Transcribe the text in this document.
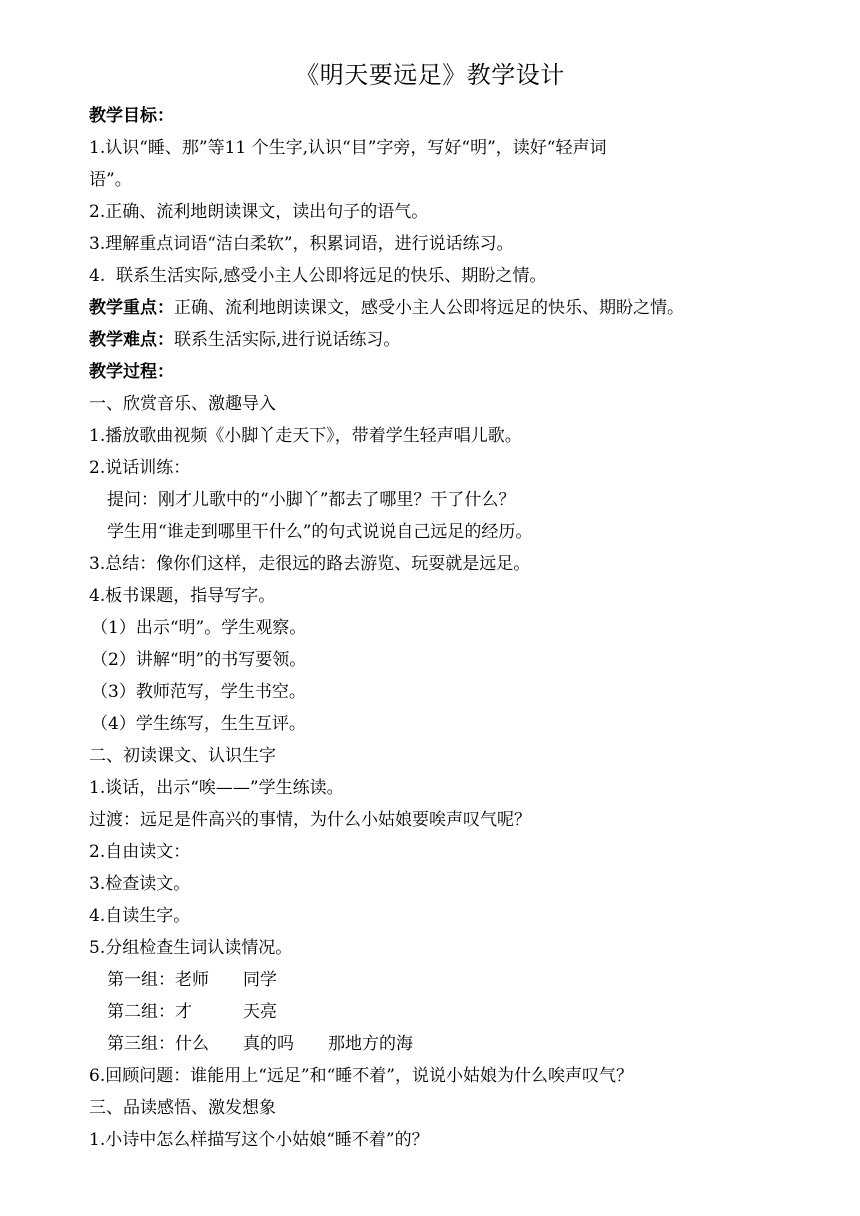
《明天要远足》教学设计
教学目标：
1.认识“睡、那”等11 个生字,认识“目”字旁，写好“明”，读好“轻声词
语”。
2.正确、流利地朗读课文，读出句子的语气。
3.理解重点词语“洁白柔软”，积累词语，进行说话练习。
4.  联系生活实际,感受小主人公即将远足的快乐、期盼之情。
教学重点：正确、流利地朗读课文，感受小主人公即将远足的快乐、期盼之情。
教学难点：联系生活实际,进行说话练习。
教学过程：
一、欣赏音乐、激趣导入
1.播放歌曲视频《小脚丫走天下》，带着学生轻声唱儿歌。
2.说话训练：
提问：刚才儿歌中的“小脚丫”都去了哪里？干了什么？
学生用“谁走到哪里干什么”的句式说说自己远足的经历。
3.总结：像你们这样，走很远的路去游览、玩耍就是远足。
4.板书课题，指导写字。
（1）出示“明”。学生观察。
（2）讲解“明”的书写要领。
（3）教师范写，学生书空。
（4）学生练写，生生互评。
二、初读课文、认识生字
1.谈话，出示“唉——”学生练读。
过渡：远足是件高兴的事情，为什么小姑娘要唉声叹气呢？
2.自由读文：
3.检查读文。
4.自读生字。
5.分组检查生词认读情况。
第一组：老师 同学
第二组：才	天亮
第三组：什么 真的吗 那地方的海
6.回顾问题：谁能用上“远足”和“睡不着”，说说小姑娘为什么唉声叹气？
三、品读感悟、激发想象
1.小诗中怎么样描写这个小姑娘“睡不着”的？
